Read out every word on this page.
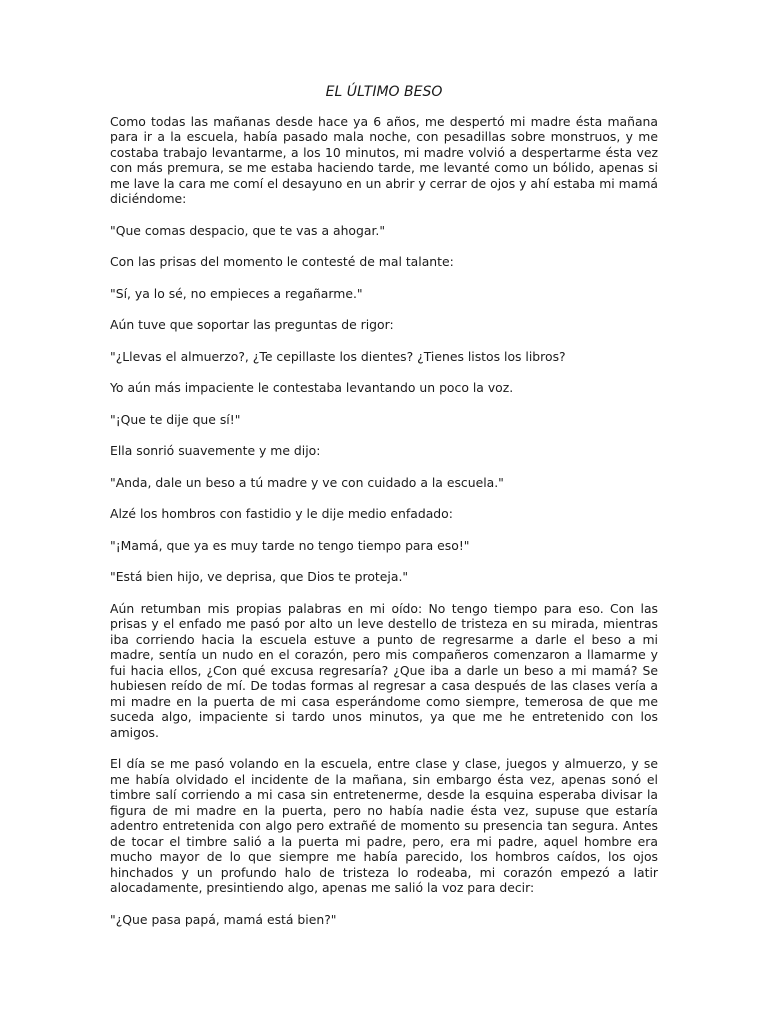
EL ÚLTIMO BESO

Como todas las mañanas desde hace ya 6 años, me despertó mi madre ésta mañana para ir a la escuela, había pasado mala noche, con pesadillas sobre monstruos, y me costaba trabajo levantarme, a los 10 minutos, mi madre volvió a despertarme ésta vez con más premura, se me estaba haciendo tarde, me levanté como un bólido, apenas si me lave la cara me comí el desayuno en un abrir y cerrar de ojos y ahí estaba mi mamá diciéndome:

"Que comas despacio, que te vas a ahogar."

Con las prisas del momento le contesté de mal talante:

"Sí, ya lo sé, no empieces a regañarme."

Aún tuve que soportar las preguntas de rigor:

"¿Llevas el almuerzo?, ¿Te cepillaste los dientes? ¿Tienes listos los libros?

Yo aún más impaciente le contestaba levantando un poco la voz.

"¡Que te dije que sí!"

Ella sonrió suavemente y me dijo:

"Anda, dale un beso a tú madre y ve con cuidado a la escuela."

Alzé los hombros con fastidio y le dije medio enfadado:

"¡Mamá, que ya es muy tarde no tengo tiempo para eso!"

"Está bien hijo, ve deprisa, que Dios te proteja."

Aún retumban mis propias palabras en mi oído: No tengo tiempo para eso. Con las prisas y el enfado me pasó por alto un leve destello de tristeza en su mirada, mientras iba corriendo hacia la escuela estuve a punto de regresarme a darle el beso a mi madre, sentía un nudo en el corazón, pero mis compañeros comenzaron a llamarme y fui hacia ellos, ¿Con qué excusa regresaría? ¿Que iba a darle un beso a mi mamá? Se hubiesen reído de mí. De todas formas al regresar a casa después de las clases vería a mi madre en la puerta de mi casa esperándome como siempre, temerosa de que me suceda algo, impaciente si tardo unos minutos, ya que me he entretenido con los amigos.

El día se me pasó volando en la escuela, entre clase y clase, juegos y almuerzo, y se me había olvidado el incidente de la mañana, sin embargo ésta vez, apenas sonó el timbre salí corriendo a mi casa sin entretenerme, desde la esquina esperaba divisar la figura de mi madre en la puerta, pero no había nadie ésta vez, supuse que estaría adentro entretenida con algo pero extrañé de momento su presencia tan segura. Antes de tocar el timbre salió a la puerta mi padre, pero, era mi padre, aquel hombre era mucho mayor de lo que siempre me había parecido, los hombros caídos, los ojos hinchados y un profundo halo de tristeza lo rodeaba, mi corazón empezó a latir alocadamente, presintiendo algo, apenas me salió la voz para decir:

"¿Que pasa papá, mamá está bien?"
